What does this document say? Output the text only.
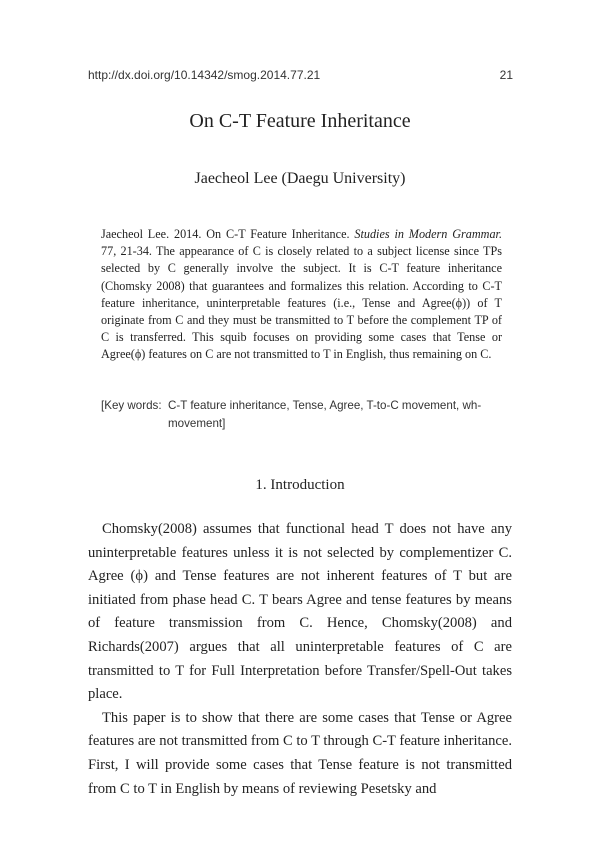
http://dx.doi.org/10.14342/smog.2014.77.21	21
On C-T Feature Inheritance
Jaecheol Lee (Daegu University)
Jaecheol Lee. 2014. On C-T Feature Inheritance. Studies in Modern Grammar. 77, 21-34. The appearance of C is closely related to a subject license since TPs selected by C generally involve the subject. It is C-T feature inheritance (Chomsky 2008) that guarantees and formalizes this relation. According to C-T feature inheritance, uninterpretable features (i.e., Tense and Agree(ϕ)) of T originate from C and they must be transmitted to T before the complement TP of C is transferred. This squib focuses on providing some cases that Tense or Agree(ϕ) features on C are not transmitted to T in English, thus remaining on C.
[Key words: C-T feature inheritance, Tense, Agree, T-to-C movement, wh-movement]
1. Introduction

Chomsky(2008) assumes that functional head T does not have any uninterpretable features unless it is not selected by complementizer C. Agree (ϕ) and Tense features are not inherent features of T but are initiated from phase head C. T bears Agree and tense features by means of feature transmission from C. Hence, Chomsky(2008) and Richards(2007) argues that all uninterpretable features of C are transmitted to T for Full Interpretation before Transfer/Spell-Out takes place.

This paper is to show that there are some cases that Tense or Agree features are not transmitted from C to T through C-T feature inheritance. First, I will provide some cases that Tense feature is not transmitted from C to T in English by means of reviewing Pesetsky and
